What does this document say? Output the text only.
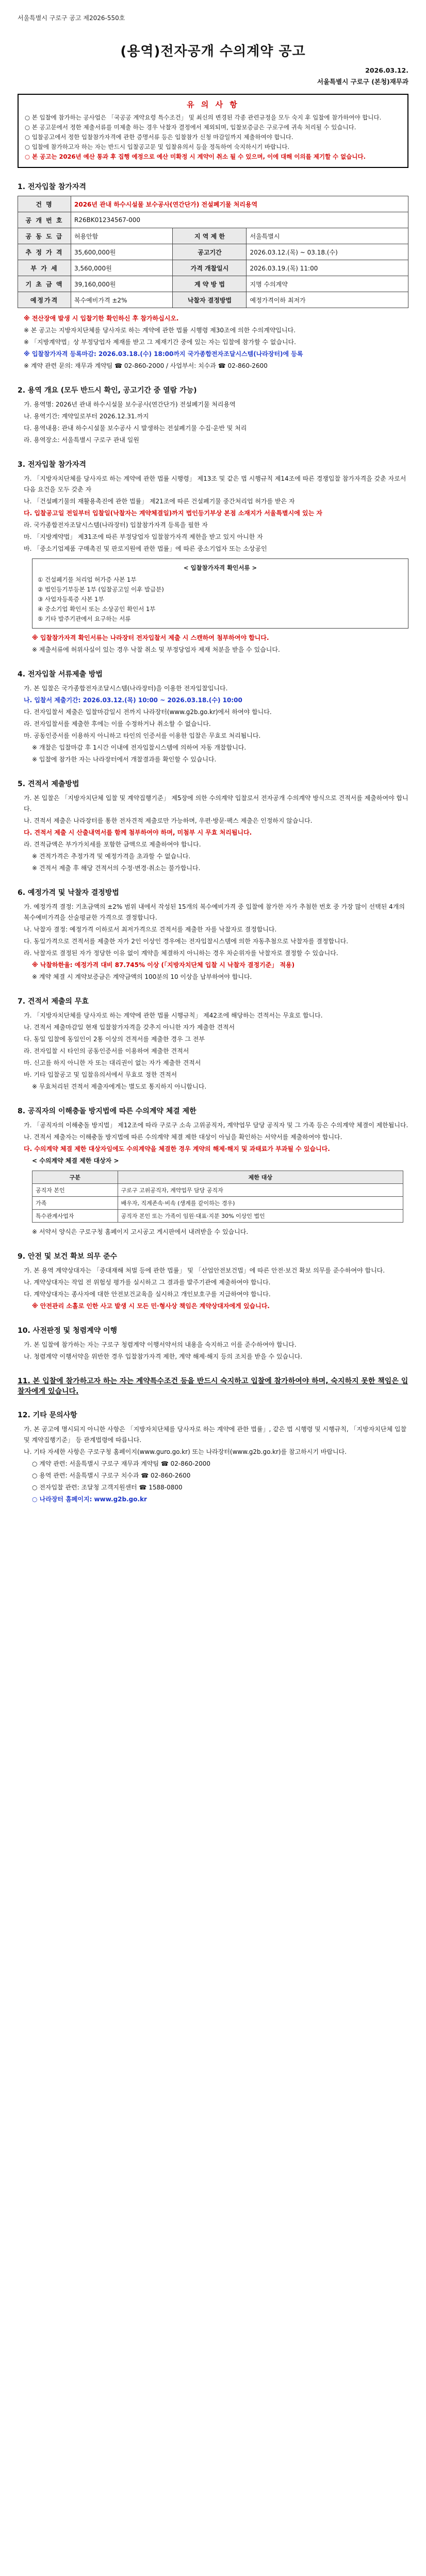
서울특별시 구로구 공고 제2026-550호
(용역)전자공개 수의계약 공고
2026.03.12.
서울특별시 구로구 (본청)재무과
유 의 사 항
○ 본 입찰에 참가하는 공사업은 「국공공 계약요령 특수조건」 및 최신의 변경된 각종 관련규정을 모두 숙지 후 입찰에 참가하여야 합니다.
○ 본 공고문에서 정한 제출서류를 미제출 하는 경우 낙찰자 결정에서 제외되며, 입찰보증금은 구로구에 귀속 처리될 수 있습니다.
○ 입찰공고에서 정한 입찰참가자격에 관한 증명서류 등은 입찰참가 신청 마감일까지 제출하여야 합니다.
○ 입찰에 참가하고자 하는 자는 반드시 입찰공고문 및 입찰유의서 등을 정독하여 숙지하시기 바랍니다.
○ 본 공고는 2026년 예산 통과 후 집행 예정으로 예산 미확정 시 계약이 취소 될 수 있으며, 이에 대해 이의를 제기할 수 없습니다.
1. 전자입찰 참가자격
건 명	2026년 관내 하수시설물 보수공사(연간단가) 전설폐기물 처리용역		
공 개 번 호	R26BK01234567-000		
공 동 도 급	허용안함	지 역 제 한	서울특별시
추 정 가 격	35,600,000원	공고기간	2026.03.12.(목) ~ 03.18.(수)
부 가 세	3,560,000원	가격 개찰일시	2026.03.19.(목) 11:00
기 초 금 액	39,160,000원	계 약 방 법	지명 수의계약
예정가격	복수예비가격 ±2%	낙찰자 결정방법	예정가격이하 최저가
※ 전산장애 발생 시 입찰기한 확인하신 후 참가하십시오.
※ 본 공고는 지방자치단체를 당사자로 하는 계약에 관한 법률 시행령 제30조에 의한 수의계약입니다.
※ 「지방계약법」상 부정당업자 제재를 받고 그 제재기간 중에 있는 자는 입찰에 참가할 수 없습니다.
※ 입찰참가자격 등록마감: 2026.03.18.(수) 18:00까지 국가종합전자조달시스템(나라장터)에 등록
※ 계약 관련 문의: 재무과 계약팀 ☎ 02-860-2000 / 사업부서: 치수과 ☎ 02-860-2600
2. 용역 개요 (모두 반드시 확인, 공고기간 중 열람 가능)
가. 용역명: 2026년 관내 하수시설물 보수공사(연간단가) 전설폐기물 처리용역
나. 용역기간: 계약일로부터 2026.12.31.까지
다. 용역내용: 관내 하수시설물 보수공사 시 발생하는 전설폐기물 수집·운반 및 처리
라. 용역장소: 서울특별시 구로구 관내 일원
3. 전자입찰 참가자격
가. 「지방자치단체를 당사자로 하는 계약에 관한 법률 시행령」 제13조 및 같은 법 시행규칙 제14조에 따른 경쟁입찰 참가자격을 갖춘 자로서 다음 요건을 모두 갖춘 자
나. 「건설폐기물의 재활용촉진에 관한 법률」 제21조에 따른 건설폐기물 중간처리업 허가를 받은 자
다. 입찰공고일 전일부터 입찰일(낙찰자는 계약체결일)까지 법인등기부상 본점 소재지가 서울특별시에 있는 자
라. 국가종합전자조달시스템(나라장터) 입찰참가자격 등록을 필한 자
마. 「지방계약법」 제31조에 따른 부정당업자 입찰참가자격 제한을 받고 있지 아니한 자
바. 「중소기업제품 구매촉진 및 판로지원에 관한 법률」에 따른 중소기업자 또는 소상공인
< 입찰참가자격 확인서류 >
① 건설폐기물 처리업 허가증 사본 1부
② 법인등기부등본 1부 (입찰공고일 이후 발급분)
③ 사업자등록증 사본 1부
④ 중소기업 확인서 또는 소상공인 확인서 1부
⑤ 기타 발주기관에서 요구하는 서류
※ 입찰참가자격 확인서류는 나라장터 전자입찰서 제출 시 스캔하여 첨부하여야 합니다.
※ 제출서류에 허위사실이 있는 경우 낙찰 취소 및 부정당업자 제재 처분을 받을 수 있습니다.
4. 전자입찰 서류제출 방법
가. 본 입찰은 국가종합전자조달시스템(나라장터)을 이용한 전자입찰입니다.
나. 입찰서 제출기간: 2026.03.12.(목) 10:00 ~ 2026.03.18.(수) 10:00
다. 전자입찰서 제출은 입찰마감일시 전까지 나라장터(www.g2b.go.kr)에서 하여야 합니다.
라. 전자입찰서를 제출한 후에는 이를 수정하거나 취소할 수 없습니다.
마. 공동인증서를 이용하지 아니하고 타인의 인증서를 이용한 입찰은 무효로 처리됩니다.
※ 개찰은 입찰마감 후 1시간 이내에 전자입찰시스템에 의하여 자동 개찰합니다.
※ 입찰에 참가한 자는 나라장터에서 개찰결과를 확인할 수 있습니다.
5. 견적서 제출방법
가. 본 입찰은 「지방자치단체 입찰 및 계약집행기준」 제5장에 의한 수의계약 입찰로서 전자공개 수의계약 방식으로 견적서를 제출하여야 합니다.
나. 견적서 제출은 나라장터를 통한 전자견적 제출로만 가능하며, 우편·방문·팩스 제출은 인정하지 않습니다.
다. 견적서 제출 시 산출내역서를 함께 첨부하여야 하며, 미첨부 시 무효 처리됩니다.
라. 견적금액은 부가가치세를 포함한 금액으로 제출하여야 합니다.
※ 견적가격은 추정가격 및 예정가격을 초과할 수 없습니다.
※ 견적서 제출 후 해당 견적서의 수정·변경·취소는 불가합니다.
6. 예정가격 및 낙찰자 결정방법
가. 예정가격 결정: 기초금액의 ±2% 범위 내에서 작성된 15개의 복수예비가격 중 입찰에 참가한 자가 추첨한 번호 중 가장 많이 선택된 4개의 복수예비가격을 산술평균한 가격으로 결정합니다.
나. 낙찰자 결정: 예정가격 이하로서 최저가격으로 견적서를 제출한 자를 낙찰자로 결정합니다.
다. 동일가격으로 견적서를 제출한 자가 2인 이상인 경우에는 전자입찰시스템에 의한 자동추첨으로 낙찰자를 결정합니다.
라. 낙찰자로 결정된 자가 정당한 이유 없이 계약을 체결하지 아니하는 경우 차순위자를 낙찰자로 결정할 수 있습니다.
※ 낙찰하한율: 예정가격 대비 87.745% 이상 (「지방자치단체 입찰 시 낙찰자 결정기준」 적용)
※ 계약 체결 시 계약보증금은 계약금액의 100분의 10 이상을 납부하여야 합니다.
7. 견적서 제출의 무효
가. 「지방자치단체를 당사자로 하는 계약에 관한 법률 시행규칙」 제42조에 해당하는 견적서는 무효로 합니다.
나. 견적서 제출마감일 현재 입찰참가자격을 갖추지 아니한 자가 제출한 견적서
다. 동일 입찰에 동일인이 2통 이상의 견적서를 제출한 경우 그 전부
라. 전자입찰 시 타인의 공동인증서를 이용하여 제출한 견적서
마. 신고를 하지 아니한 자 또는 대리권이 없는 자가 제출한 견적서
바. 기타 입찰공고 및 입찰유의서에서 무효로 정한 견적서
※ 무효처리된 견적서 제출자에게는 별도로 통지하지 아니합니다.
8. 공직자의 이해충돌 방지법에 따른 수의계약 체결 제한
가. 「공직자의 이해충돌 방지법」 제12조에 따라 구로구 소속 고위공직자, 계약업무 담당 공직자 및 그 가족 등은 수의계약 체결이 제한됩니다.
나. 견적서 제출자는 이해충돌 방지법에 따른 수의계약 체결 제한 대상이 아님을 확인하는 서약서를 제출하여야 합니다.
다. 수의계약 체결 제한 대상자임에도 수의계약을 체결한 경우 계약의 해제·해지 및 과태료가 부과될 수 있습니다.
< 수의계약 체결 제한 대상자 >
구분	제한 대상
공직자 본인	구로구 고위공직자, 계약업무 담당 공직자
가족	배우자, 직계존속·비속 (생계를 같이하는 경우)
특수관계사업자	공직자 본인 또는 가족이 임원·대표·지분 30% 이상인 법인
※ 서약서 양식은 구로구청 홈페이지 고시공고 게시판에서 내려받을 수 있습니다.
9. 안전 및 보건 확보 의무 준수
가. 본 용역 계약상대자는 「중대재해 처벌 등에 관한 법률」 및 「산업안전보건법」에 따른 안전·보건 확보 의무를 준수하여야 합니다.
나. 계약상대자는 작업 전 위험성 평가를 실시하고 그 결과를 발주기관에 제출하여야 합니다.
다. 계약상대자는 종사자에 대한 안전보건교육을 실시하고 개인보호구를 지급하여야 합니다.
※ 안전관리 소홀로 인한 사고 발생 시 모든 민·형사상 책임은 계약상대자에게 있습니다.
10. 사전판정 및 청렴계약 이행
가. 본 입찰에 참가하는 자는 구로구 청렴계약 이행서약서의 내용을 숙지하고 이를 준수하여야 합니다.
나. 청렴계약 이행서약을 위반한 경우 입찰참가자격 제한, 계약 해제·해지 등의 조치를 받을 수 있습니다.
11. 본 입찰에 참가하고자 하는 자는 계약특수조건 등을 반드시 숙지하고 입찰에 참가하여야 하며, 숙지하지 못한 책임은 입찰자에게 있습니다.
12. 기타 문의사항
가. 본 공고에 명시되지 아니한 사항은 「지방자치단체를 당사자로 하는 계약에 관한 법률」, 같은 법 시행령 및 시행규칙, 「지방자치단체 입찰 및 계약집행기준」 등 관계법령에 따릅니다.
나. 기타 자세한 사항은 구로구청 홈페이지(www.guro.go.kr) 또는 나라장터(www.g2b.go.kr)를 참고하시기 바랍니다.
○ 계약 관련: 서울특별시 구로구 재무과 계약팀 ☎ 02-860-2000
○ 용역 관련: 서울특별시 구로구 치수과 ☎ 02-860-2600
○ 전자입찰 관련: 조달청 고객지원센터 ☎ 1588-0800
○ 나라장터 홈페이지: www.g2b.go.kr
